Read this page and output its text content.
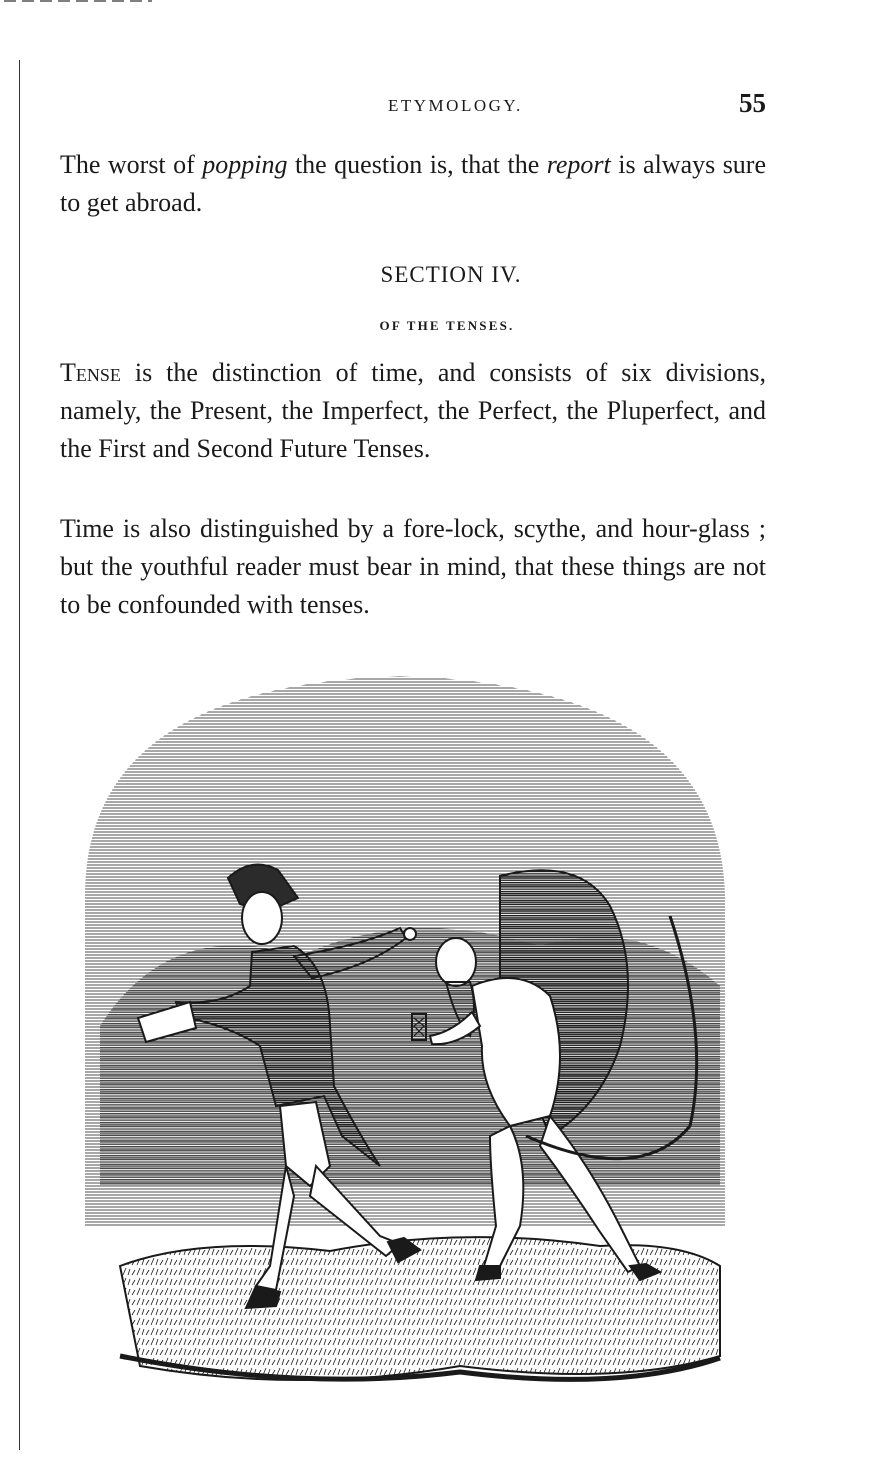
ETYMOLOGY.	55

The worst of popping the question is, that the report is always sure to get abroad.

SECTION IV.
OF THE TENSES.

Tense is the distinction of time, and consists of six divisions, namely, the Present, the Imperfect, the Perfect, the Pluperfect, and the First and Second Future Tenses.

Time is also distinguished by a fore-lock, scythe, and hour-glass ; but the youthful reader must bear in mind, that these things are not to be confounded with tenses.
